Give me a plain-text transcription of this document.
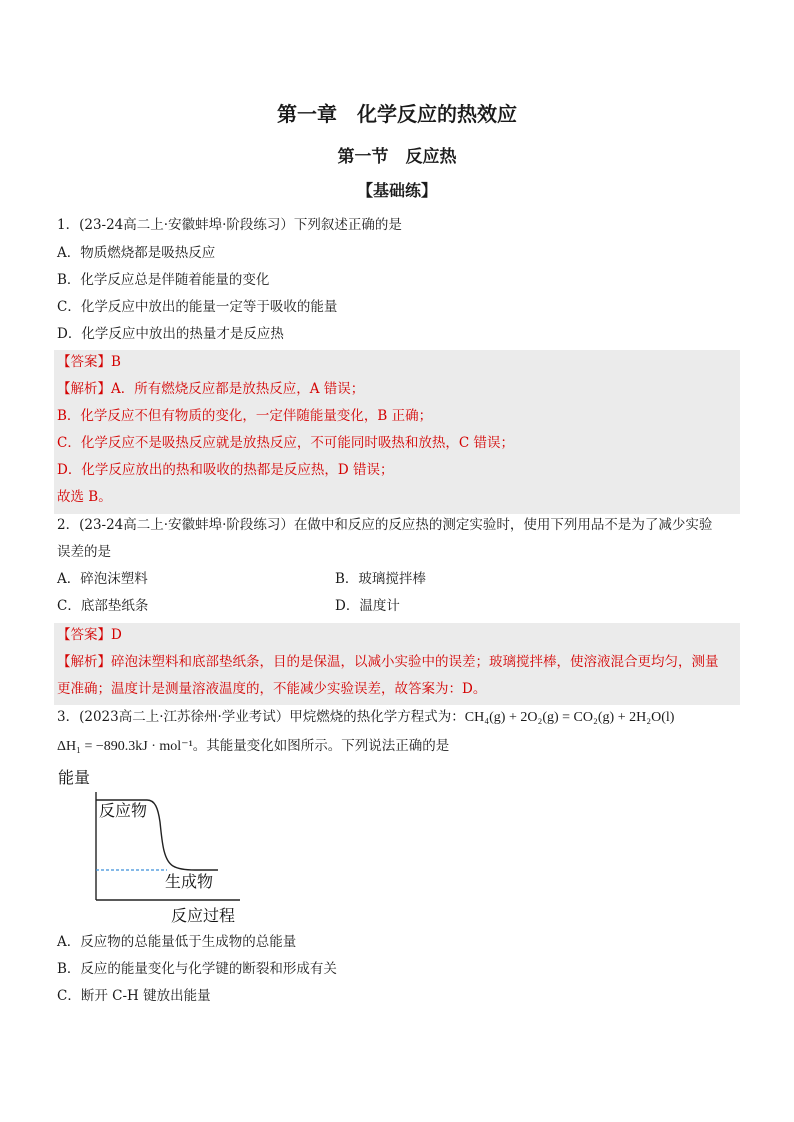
第一章　化学反应的热效应
第一节　反应热
【基础练】
1．(23-24高二上·安徽蚌埠·阶段练习）下列叙述正确的是
A．物质燃烧都是吸热反应
B．化学反应总是伴随着能量的变化
C．化学反应中放出的能量一定等于吸收的能量
D．化学反应中放出的热量才是反应热
【答案】B
【解析】A．所有燃烧反应都是放热反应，A 错误；
B．化学反应不但有物质的变化，一定伴随能量变化，B 正确；
C．化学反应不是吸热反应就是放热反应，不可能同时吸热和放热，C 错误；
D．化学反应放出的热和吸收的热都是反应热，D 错误；
故选 B。
2．(23-24高二上·安徽蚌埠·阶段练习）在做中和反应的反应热的测定实验时，使用下列用品不是为了减少实验
误差的是
A．碎泡沫塑料	B．玻璃搅拌棒
C．底部垫纸条	D．温度计
【答案】D
【解析】碎泡沫塑料和底部垫纸条，目的是保温，以减小实验中的误差；玻璃搅拌棒，使溶液混合更均匀，测量
更准确；温度计是测量溶液温度的，不能减少实验误差，故答案为：D。
3．(2023高二上·江苏徐州·学业考试）甲烷燃烧的热化学方程式为：CH₄(g) + 2O₂(g) = CO₂(g) + 2H₂O(l)
ΔH₁ = −890.3kJ · mol⁻¹。其能量变化如图所示。下列说法正确的是
能量
反应物
生成物
反应过程
A．反应物的总能量低于生成物的总能量
B．反应的能量变化与化学键的断裂和形成有关
C．断开 C-H 键放出能量
